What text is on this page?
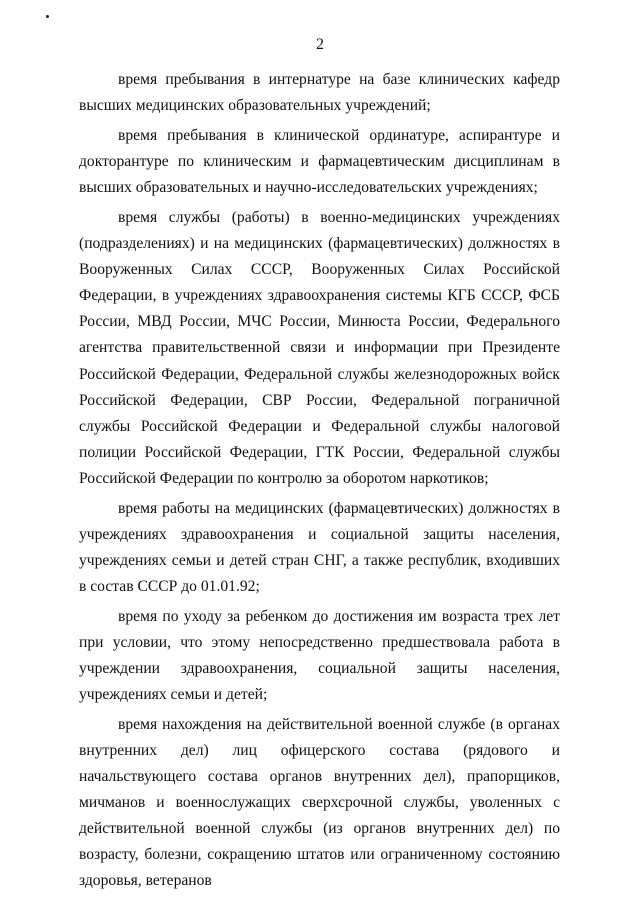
2

время пребывания в интернатуре на базе клинических кафедр высших медицинских образовательных учреждений;

время пребывания в клинической ординатуре, аспирантуре и докторантуре по клиническим и фармацевтическим дисциплинам в высших образовательных и научно-исследовательских учреждениях;

время службы (работы) в военно-медицинских учреждениях (подразделениях) и на медицинских (фармацевтических) должностях в Вооруженных Силах СССР, Вооруженных Силах Российской Федерации, в учреждениях здравоохранения системы КГБ СССР, ФСБ России, МВД России, МЧС России, Минюста России, Федерального агентства правительственной связи и информации при Президенте Российской Федерации, Федеральной службы железнодорожных войск Российской Федерации, СВР России, Федеральной пограничной службы Российской Федерации и Федеральной службы налоговой полиции Российской Федерации, ГТК России, Федеральной службы Российской Федерации по контролю за оборотом наркотиков;

время работы на медицинских (фармацевтических) должностях в учреждениях здравоохранения и социальной защиты населения, учреждениях семьи и детей стран СНГ, а также республик, входивших в состав СССР до 01.01.92;

время по уходу за ребенком до достижения им возраста трех лет при условии, что этому непосредственно предшествовала работа в учреждении здравоохранения, социальной защиты населения, учреждениях семьи и детей;

время нахождения на действительной военной службе (в органах внутренних дел) лиц офицерского состава (рядового и начальствующего состава органов внутренних дел), прапорщиков, мичманов и военнослужащих сверхсрочной службы, уволенных с действительной военной службы (из органов внутренних дел) по возрасту, болезни, сокращению штатов или ограниченному состоянию здоровья, ветеранов
